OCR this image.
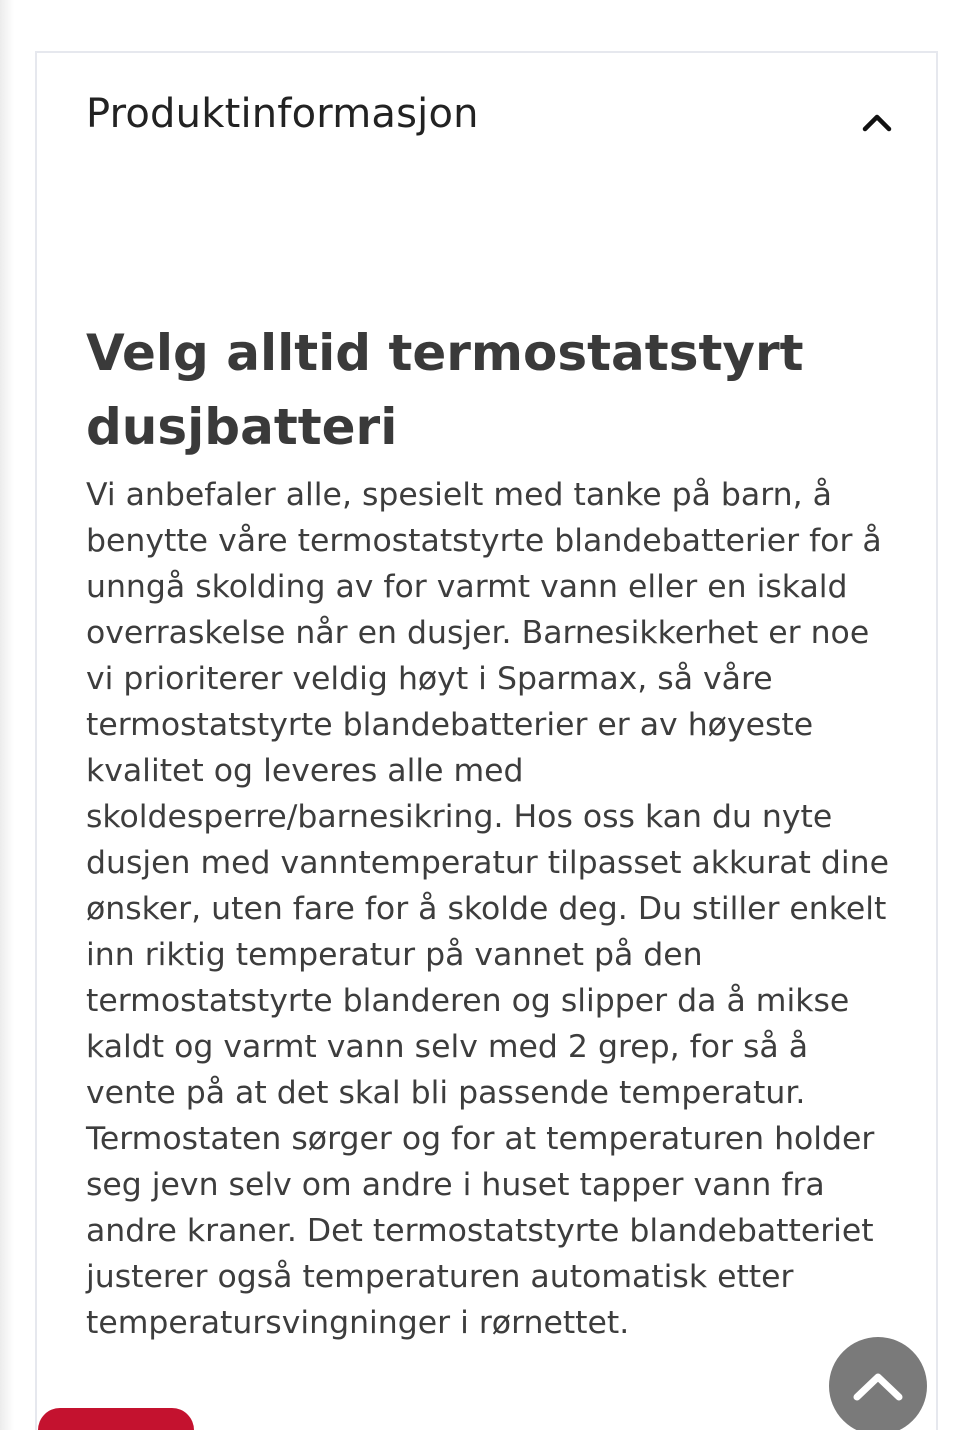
Produktinformasjon
Velg alltid termostatstyrt dusjbatteri

Vi anbefaler alle, spesielt med tanke på barn, å benytte våre termostatstyrte blandebatterier for å unngå skolding av for varmt vann eller en iskald overraskelse når en dusjer. Barnesikkerhet er noe vi prioriterer veldig høyt i Sparmax, så våre termostatstyrte blandebatterier er av høyeste kvalitet og leveres alle med skoldesperre/barnesikring. Hos oss kan du nyte dusjen med vanntemperatur tilpasset akkurat dine ønsker, uten fare for å skolde deg. Du stiller enkelt inn riktig temperatur på vannet på den termostatstyrte blanderen og slipper da å mikse kaldt og varmt vann selv med 2 grep, for så å vente på at det skal bli passende temperatur. Termostaten sørger og for at temperaturen holder seg jevn selv om andre i huset tapper vann fra andre kraner. Det termostatstyrte blandebatteriet justerer også temperaturen automatisk etter temperatursvingninger i rørnettet.
